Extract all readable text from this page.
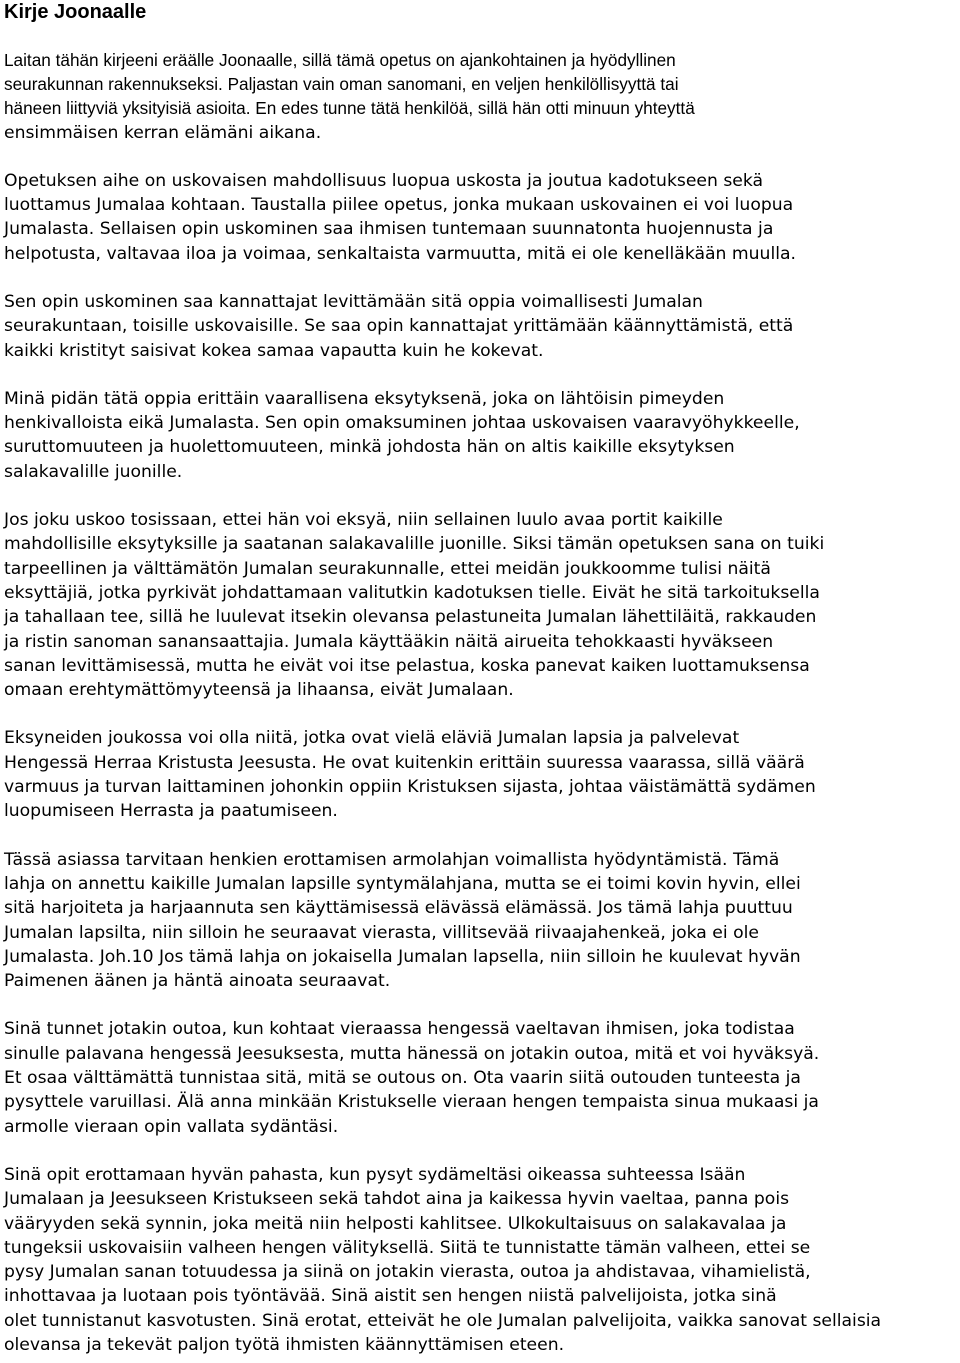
Kirje Joonaalle

Laitan tähän kirjeeni eräälle Joonaalle, sillä tämä opetus on ajankohtainen ja hyödyllinen
seurakunnan rakennukseksi. Paljastan vain oman sanomani, en veljen henkilöllisyyttä tai
häneen liittyviä yksityisiä asioita. En edes tunne tätä henkilöä, sillä hän otti minuun yhteyttä
ensimmäisen kerran elämäni aikana.

Opetuksen aihe on uskovaisen mahdollisuus luopua uskosta ja joutua kadotukseen sekä
luottamus Jumalaa kohtaan. Taustalla piilee opetus, jonka mukaan uskovainen ei voi luopua
Jumalasta. Sellaisen opin uskominen saa ihmisen tuntemaan suunnatonta huojennusta ja
helpotusta, valtavaa iloa ja voimaa, senkaltaista varmuutta, mitä ei ole kenelläkään muulla.

Sen opin uskominen saa kannattajat levittämään sitä oppia voimallisesti Jumalan
seurakuntaan, toisille uskovaisille. Se saa opin kannattajat yrittämään käännyttämistä, että
kaikki kristityt saisivat kokea samaa vapautta kuin he kokevat.

Minä pidän tätä oppia erittäin vaarallisena eksytyksenä, joka on lähtöisin pimeyden
henkivalloista eikä Jumalasta. Sen opin omaksuminen johtaa uskovaisen vaaravyöhykkeelle,
suruttomuuteen ja huolettomuuteen, minkä johdosta hän on altis kaikille eksytyksen
salakavalille juonille.

Jos joku uskoo tosissaan, ettei hän voi eksyä, niin sellainen luulo avaa portit kaikille
mahdollisille eksytyksille ja saatanan salakavalille juonille. Siksi tämän opetuksen sana on tuiki
tarpeellinen ja välttämätön Jumalan seurakunnalle, ettei meidän joukkoomme tulisi näitä
eksyttäjiä, jotka pyrkivät johdattamaan valitutkin kadotuksen tielle. Eivät he sitä tarkoituksella
ja tahallaan tee, sillä he luulevat itsekin olevansa pelastuneita Jumalan lähettiläitä, rakkauden
ja ristin sanoman sanansaattajia. Jumala käyttääkin näitä airueita tehokkaasti hyväkseen
sanan levittämisessä, mutta he eivät voi itse pelastua, koska panevat kaiken luottamuksensa
omaan erehtymättömyyteensä ja lihaansa, eivät Jumalaan.

Eksyneiden joukossa voi olla niitä, jotka ovat vielä eläviä Jumalan lapsia ja palvelevat
Hengessä Herraa Kristusta Jeesusta. He ovat kuitenkin erittäin suuressa vaarassa, sillä väärä
varmuus ja turvan laittaminen johonkin oppiin Kristuksen sijasta, johtaa väistämättä sydämen
luopumiseen Herrasta ja paatumiseen.

Tässä asiassa tarvitaan henkien erottamisen armolahjan voimallista hyödyntämistä. Tämä
lahja on annettu kaikille Jumalan lapsille syntymälahjana, mutta se ei toimi kovin hyvin, ellei
sitä harjoiteta ja harjaannuta sen käyttämisessä elävässä elämässä. Jos tämä lahja puuttuu
Jumalan lapsilta, niin silloin he seuraavat vierasta, villitsevää riivaajahenkeä, joka ei ole
Jumalasta. Joh.10 Jos tämä lahja on jokaisella Jumalan lapsella, niin silloin he kuulevat hyvän
Paimenen äänen ja häntä ainoata seuraavat.

Sinä tunnet jotakin outoa, kun kohtaat vieraassa hengessä vaeltavan ihmisen, joka todistaa
sinulle palavana hengessä Jeesuksesta, mutta hänessä on jotakin outoa, mitä et voi hyväksyä.
Et osaa välttämättä tunnistaa sitä, mitä se outous on. Ota vaarin siitä outouden tunteesta ja
pysyttele varuillasi. Älä anna minkään Kristukselle vieraan hengen tempaista sinua mukaasi ja
armolle vieraan opin vallata sydäntäsi.

Sinä opit erottamaan hyvän pahasta, kun pysyt sydämeltäsi oikeassa suhteessa Isään
Jumalaan ja Jeesukseen Kristukseen sekä tahdot aina ja kaikessa hyvin vaeltaa, panna pois
vääryyden sekä synnin, joka meitä niin helposti kahlitsee. Ulkokultaisuus on salakavalaa ja
tungeksii uskovaisiin valheen hengen välityksellä. Siitä te tunnistatte tämän valheen, ettei se
pysy Jumalan sanan totuudessa ja siinä on jotakin vierasta, outoa ja ahdistavaa, vihamielistä,
inhottavaa ja luotaan pois työntävää. Sinä aistit sen hengen niistä palvelijoista, jotka sinä
olet tunnistanut kasvotusten. Sinä erotat, etteivät he ole Jumalan palvelijoita, vaikka sanovat sellaisia
olevansa ja tekevät paljon työtä ihmisten käännyttämisen eteen.
